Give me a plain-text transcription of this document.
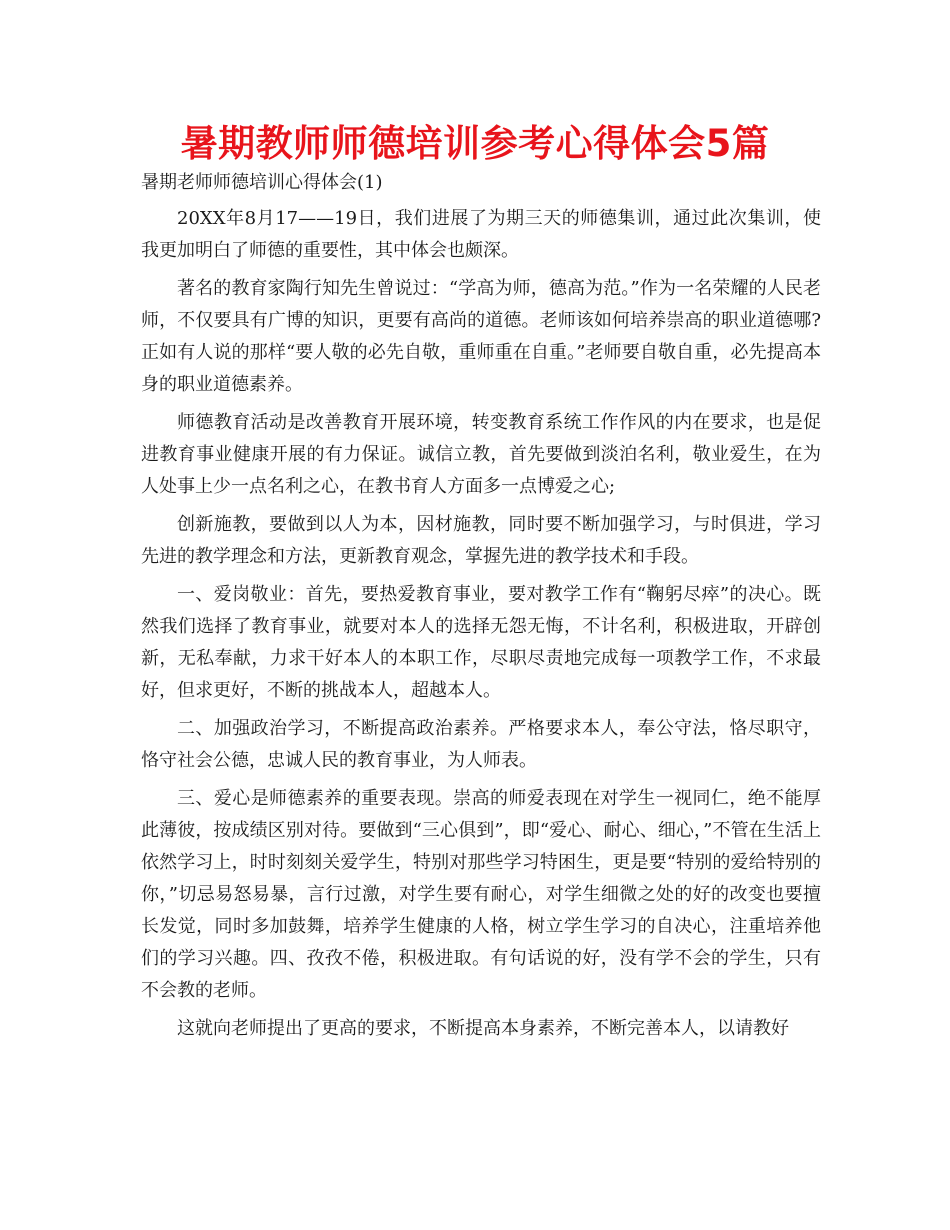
暑期教师师德培训参考心得体会5篇
暑期老师师德培训心得体会(1)

20XX年8月17——19日，我们进展了为期三天的师德集训，通过此次集训，使我更加明白了师德的重要性，其中体会也颇深。

著名的教育家陶行知先生曾说过：“学高为师，德高为范。”作为一名荣耀的人民老师，不仅要具有广博的知识，更要有高尚的道德。老师该如何培养崇高的职业道德哪?正如有人说的那样“要人敬的必先自敬，重师重在自重。”老师要自敬自重，必先提高本身的职业道德素养。

师德教育活动是改善教育开展环境，转变教育系统工作作风的内在要求，也是促进教育事业健康开展的有力保证。诚信立教，首先要做到淡泊名利，敬业爱生，在为人处事上少一点名利之心，在教书育人方面多一点博爱之心;

创新施教，要做到以人为本，因材施教，同时要不断加强学习，与时俱进，学习先进的教学理念和方法，更新教育观念，掌握先进的教学技术和手段。

一、爱岗敬业：首先，要热爱教育事业，要对教学工作有“鞠躬尽瘁”的决心。既然我们选择了教育事业，就要对本人的选择无怨无悔，不计名利，积极进取，开辟创新，无私奉献，力求干好本人的本职工作，尽职尽责地完成每一项教学工作，不求最好，但求更好，不断的挑战本人，超越本人。

二、加强政治学习，不断提高政治素养。严格要求本人，奉公守法，恪尽职守，恪守社会公德，忠诚人民的教育事业，为人师表。

三、爱心是师德素养的重要表现。崇高的师爱表现在对学生一视同仁，绝不能厚此薄彼，按成绩区别对待。要做到“三心俱到”，即“爱心、耐心、细心，”不管在生活上依然学习上，时时刻刻关爱学生，特别对那些学习特困生，更是要“特别的爱给特别的你，”切忌易怒易暴，言行过激，对学生要有耐心，对学生细微之处的好的改变也要擅长发觉，同时多加鼓舞，培养学生健康的人格，树立学生学习的自决心，注重培养他们的学习兴趣。四、孜孜不倦，积极进取。有句话说的好，没有学不会的学生，只有不会教的老师。

这就向老师提出了更高的要求，不断提高本身素养，不断完善本人，以请教好
